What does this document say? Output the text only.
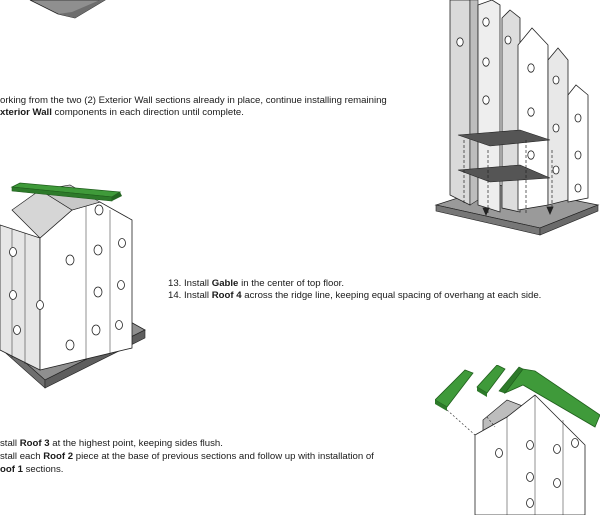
orking from the two (2) Exterior Wall sections already in place, continue installing remaining
xterior Wall components in each direction until complete.
13. Install Gable in the center of top floor.
14. Install Roof 4 across the ridge line, keeping equal spacing of overhang at each side.
stall Roof 3 at the highest point, keeping sides flush.
stall each Roof 2 piece at the base of previous sections and follow up with installation of
oof 1 sections.
